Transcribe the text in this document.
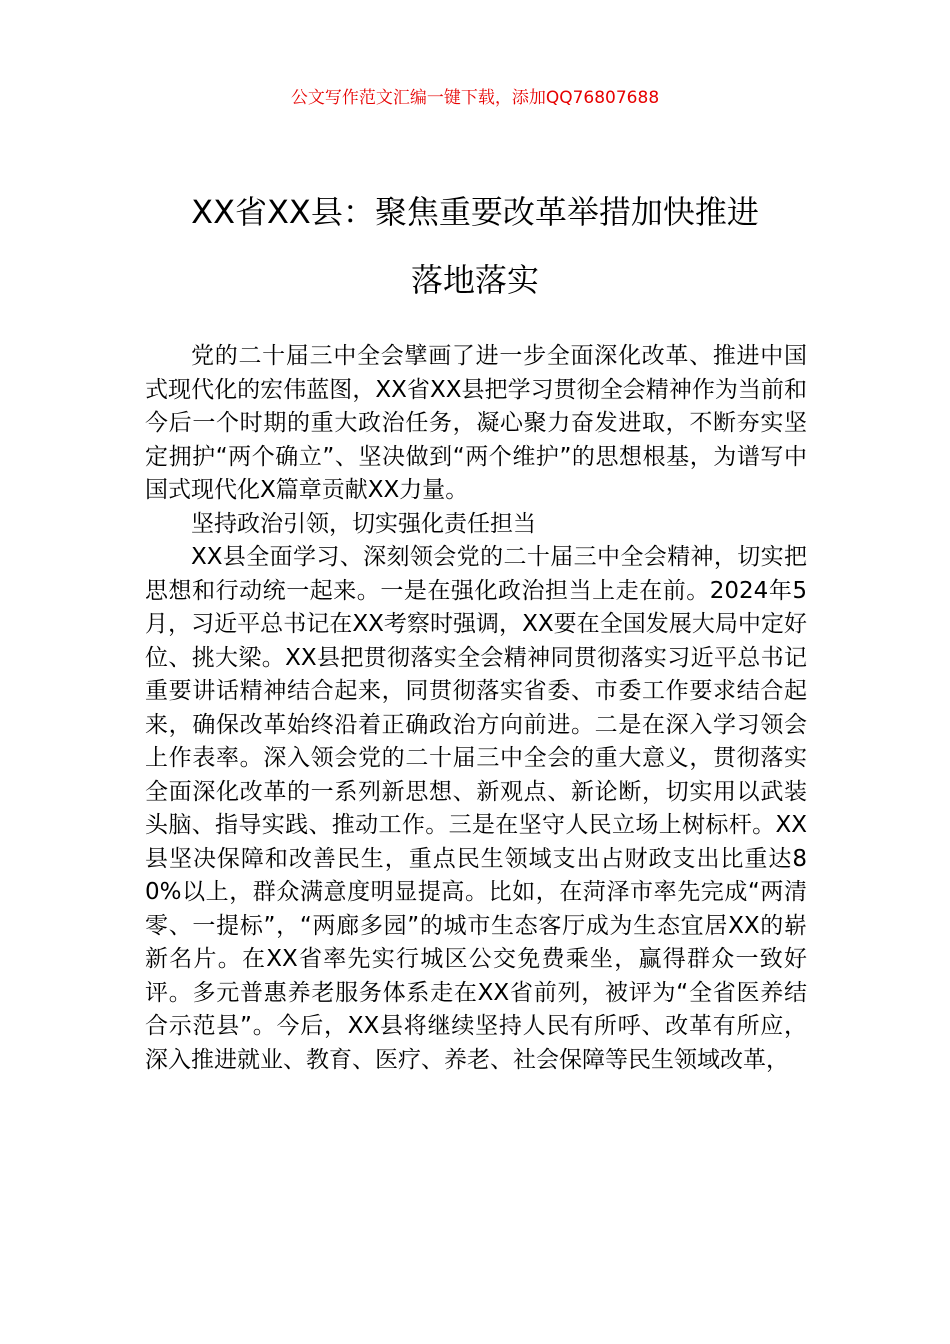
公文写作范文汇编一键下载，添加QQ76807688
XX省XX县：聚焦重要改革举措加快推进
落地落实

党的二十届三中全会擘画了进一步全面深化改革、推进中国式现代化的宏伟蓝图，XX省XX县把学习贯彻全会精神作为当前和今后一个时期的重大政治任务，凝心聚力奋发进取，不断夯实坚定拥护“两个确立”、坚决做到“两个维护”的思想根基，为谱写中国式现代化X篇章贡献XX力量。

坚持政治引领，切实强化责任担当

XX县全面学习、深刻领会党的二十届三中全会精神，切实把思想和行动统一起来。一是在强化政治担当上走在前。2024年5月，习近平总书记在XX考察时强调，XX要在全国发展大局中定好位、挑大梁。XX县把贯彻落实全会精神同贯彻落实习近平总书记重要讲话精神结合起来，同贯彻落实省委、市委工作要求结合起来，确保改革始终沿着正确政治方向前进。二是在深入学习领会上作表率。深入领会党的二十届三中全会的重大意义，贯彻落实全面深化改革的一系列新思想、新观点、新论断，切实用以武装头脑、指导实践、推动工作。三是在坚守人民立场上树标杆。XX县坚决保障和改善民生，重点民生领域支出占财政支出比重达80%以上，群众满意度明显提高。比如，在菏泽市率先完成“两清零、一提标”，“两廊多园”的城市生态客厅成为生态宜居XX的崭新名片。在XX省率先实行城区公交免费乘坐，赢得群众一致好评。多元普惠养老服务体系走在XX省前列，被评为“全省医养结合示范县”。今后，XX县将继续坚持人民有所呼、改革有所应，深入推进就业、教育、医疗、养老、社会保障等民生领域改革，
